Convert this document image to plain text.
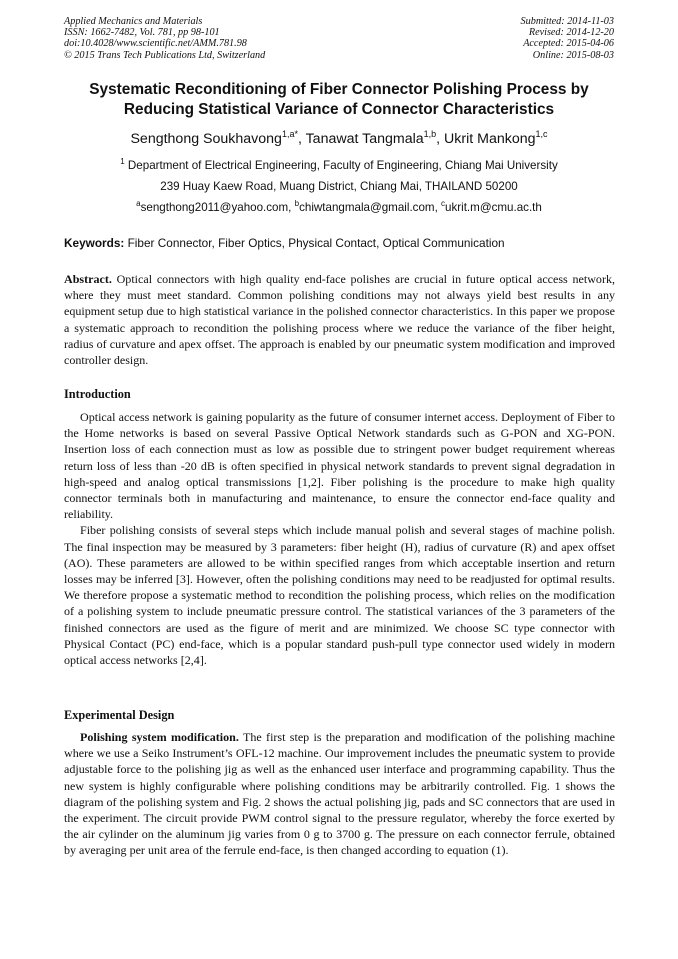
Applied Mechanics and Materials
ISSN: 1662-7482, Vol. 781, pp 98-101
doi:10.4028/www.scientific.net/AMM.781.98
© 2015 Trans Tech Publications Ltd, Switzerland
Submitted: 2014-11-03
Revised: 2014-12-20
Accepted: 2015-04-06
Online: 2015-08-03
Systematic Reconditioning of Fiber Connector Polishing Process by
Reducing Statistical Variance of Connector Characteristics
Sengthong Soukhavong$^{1,a*}$, Tanawat Tangmala$^{1,b}$, Ukrit Mankong$^{1,c}$
$^1$ Department of Electrical Engineering, Faculty of Engineering, Chiang Mai University
239 Huay Kaew Road, Muang District, Chiang Mai, THAILAND 50200
$^a$sengthong2011@yahoo.com, $^b$chiwtangmala@gmail.com, $^c$ukrit.m@cmu.ac.th
Keywords: Fiber Connector, Fiber Optics, Physical Contact, Optical Communication

Abstract. Optical connectors with high quality end-face polishes are crucial in future optical access network, where they must meet standard. Common polishing conditions may not always yield best results in any equipment setup due to high statistical variance in the polished connector characteristics. In this paper we propose a systematic approach to recondition the polishing process where we reduce the variance of the fiber height, radius of curvature and apex offset. The approach is enabled by our pneumatic system modification and improved controller design.

Introduction

Optical access network is gaining popularity as the future of consumer internet access. Deployment of Fiber to the Home networks is based on several Passive Optical Network standards such as G-PON and XG-PON. Insertion loss of each connection must as low as possible due to stringent power budget requirement whereas return loss of less than -20 dB is often specified in physical network standards to prevent signal degradation in high-speed and analog optical transmissions [1,2]. Fiber polishing is the procedure to make high quality connector terminals both in manufacturing and maintenance, to ensure the connector end-face quality and reliability.

Fiber polishing consists of several steps which include manual polish and several stages of machine polish. The final inspection may be measured by 3 parameters: fiber height (H), radius of curvature (R) and apex offset (AO). These parameters are allowed to be within specified ranges from which acceptable insertion and return losses may be inferred [3]. However, often the polishing conditions may need to be readjusted for optimal results. We therefore propose a systematic method to recondition the polishing process, which relies on the modification of a polishing system to include pneumatic pressure control. The statistical variances of the 3 parameters of the finished connectors are used as the figure of merit and are minimized. We choose SC type connector with Physical Contact (PC) end-face, which is a popular standard push-pull type connector used widely in modern optical access networks [2,4].

Experimental Design

Polishing system modification. The first step is the preparation and modification of the polishing machine where we use a Seiko Instrument’s OFL-12 machine. Our improvement includes the pneumatic system to provide adjustable force to the polishing jig as well as the enhanced user interface and programming capability. Thus the new system is highly configurable where polishing conditions may be arbitrarily controlled. Fig. 1 shows the diagram of the polishing system and Fig. 2 shows the actual polishing jig, pads and SC connectors that are used in the experiment. The circuit provide PWM control signal to the pressure regulator, whereby the force exerted by the air cylinder on the aluminum jig varies from 0 g to 3700 g. The pressure on each connector ferrule, obtained by averaging per unit area of the ferrule end-face, is then changed according to equation (1).
